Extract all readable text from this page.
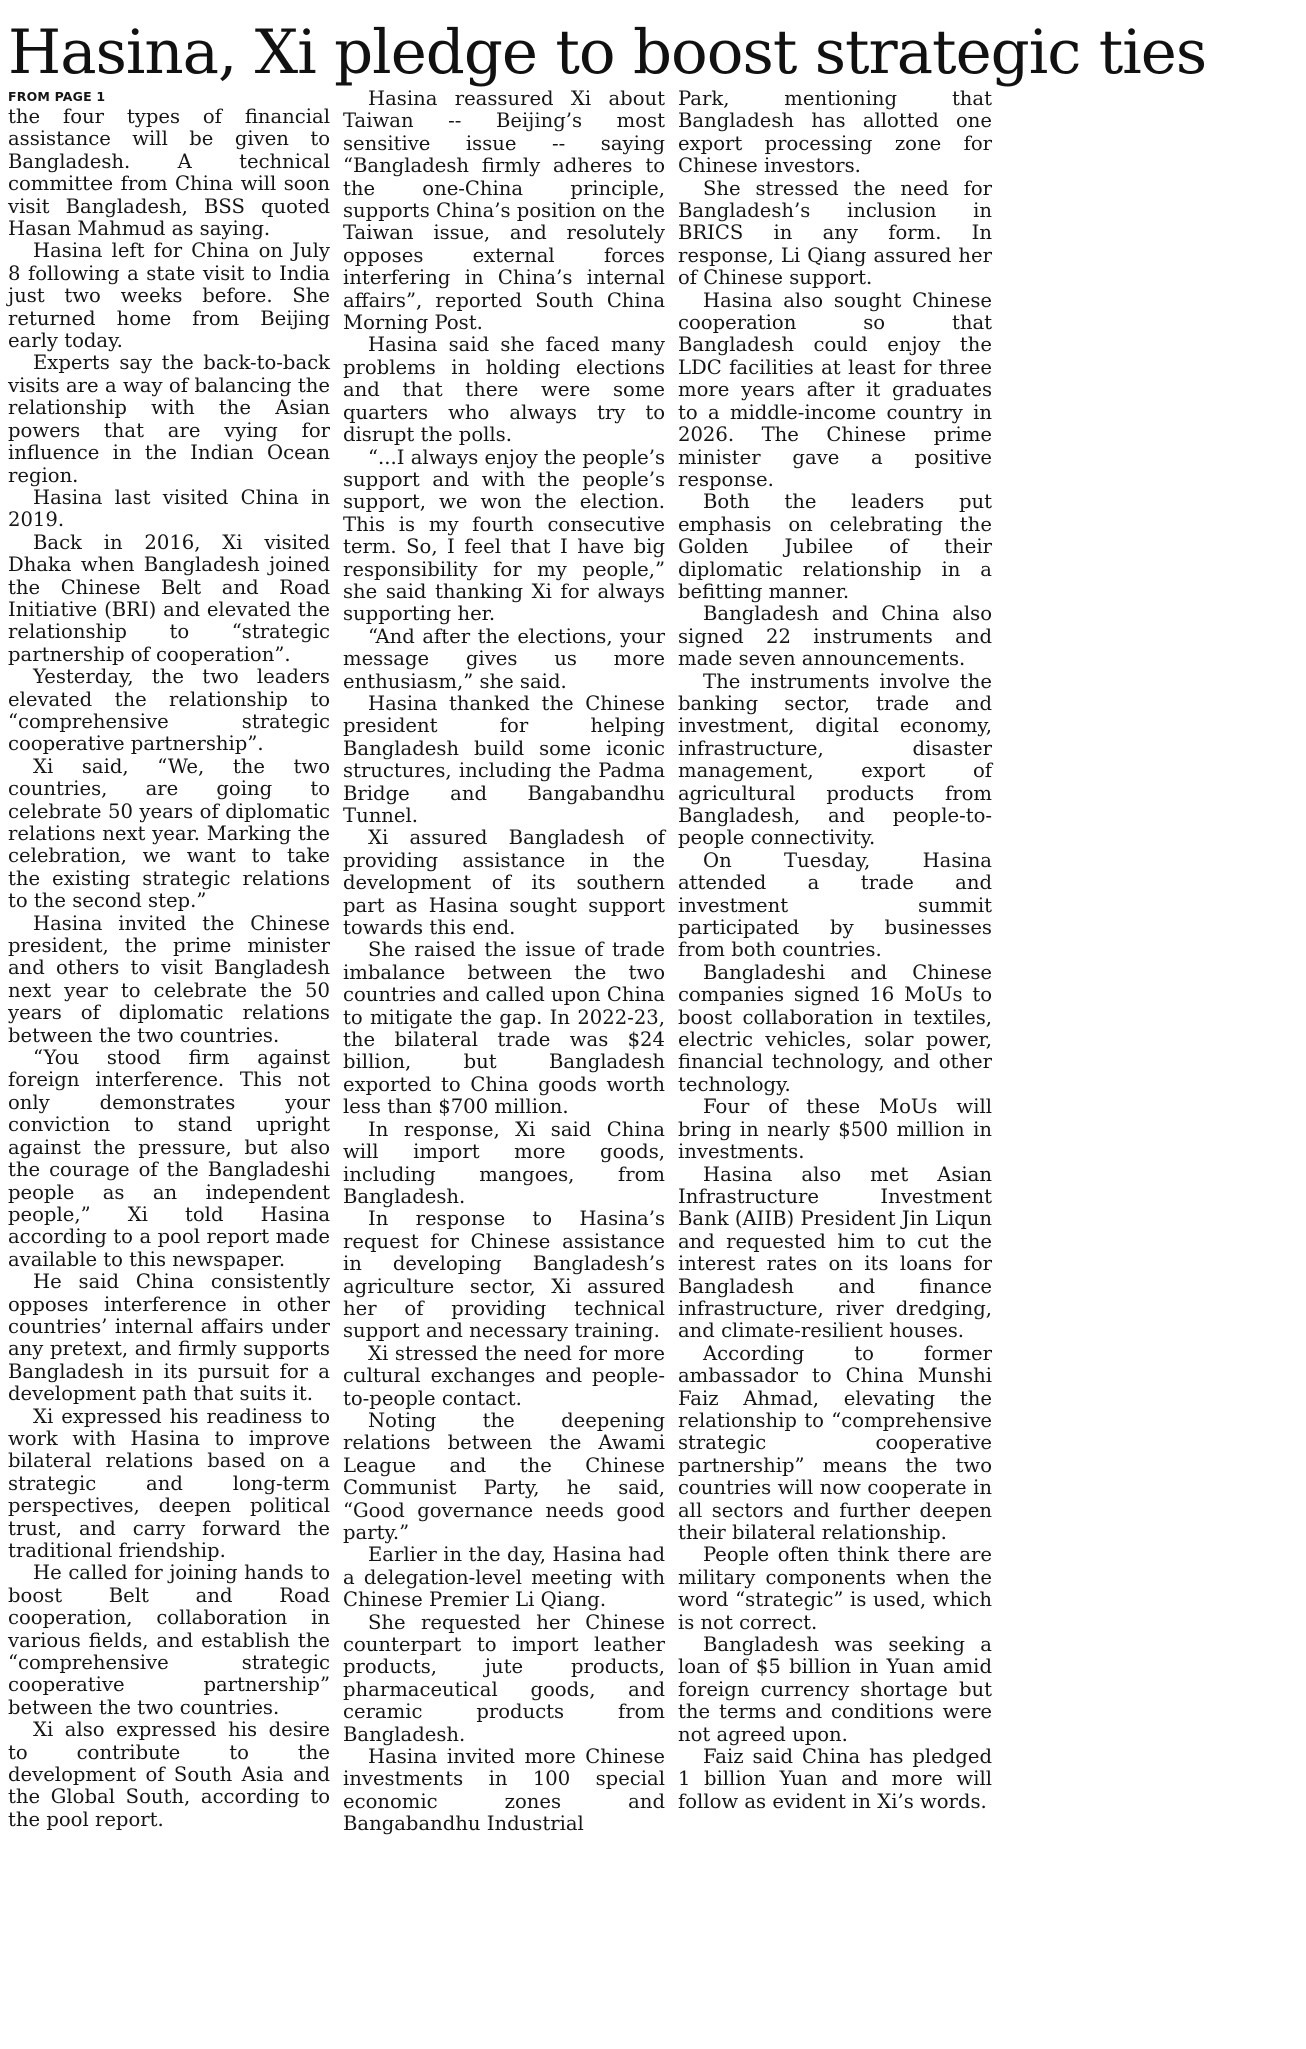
Hasina, Xi pledge to boost strategic ties
FROM PAGE 1

the four types of financial assistance will be given to Bangladesh. A technical committee from China will soon visit Bangladesh, BSS quoted Hasan Mahmud as saying.

Hasina left for China on July 8 following a state visit to India just two weeks before. She returned home from Beijing early today.

Experts say the back-to-back visits are a way of balancing the relationship with the Asian powers that are vying for influence in the Indian Ocean region.

Hasina last visited China in 2019.

Back in 2016, Xi visited Dhaka when Bangladesh joined the Chinese Belt and Road Initiative (BRI) and elevated the relationship to “strategic partnership of cooperation”.

Yesterday, the two leaders elevated the relationship to “comprehensive strategic cooperative partnership”.

Xi said, “We, the two countries, are going to celebrate 50 years of diplomatic relations next year. Marking the celebration, we want to take the existing strategic relations to the second step.”

Hasina invited the Chinese president, the prime minister and others to visit Bangladesh next year to celebrate the 50 years of diplomatic relations between the two countries.

“You stood firm against foreign interference. This not only demonstrates your conviction to stand upright against the pressure, but also the courage of the Bangladeshi people as an independent people,” Xi told Hasina according to a pool report made available to this newspaper.

He said China consistently opposes interference in other countries’ internal affairs under any pretext, and firmly supports Bangladesh in its pursuit for a development path that suits it.

Xi expressed his readiness to work with Hasina to improve bilateral relations based on a strategic and long-term perspectives, deepen political trust, and carry forward the traditional friendship.

He called for joining hands to boost Belt and Road cooperation, collaboration in various fields, and establish the “comprehensive strategic cooperative partnership” between the two countries.

Xi also expressed his desire to contribute to the development of South Asia and the Global South, according to the pool report.

Hasina reassured Xi about Taiwan -- Beijing’s most sensitive issue -- saying “Bangladesh firmly adheres to the one-China principle, supports China’s position on the Taiwan issue, and resolutely opposes external forces interfering in China’s internal affairs”, reported South China Morning Post.

Hasina said she faced many problems in holding elections and that there were some quarters who always try to disrupt the polls.

“...I always enjoy the people’s support and with the people’s support, we won the election. This is my fourth consecutive term. So, I feel that I have big responsibility for my people,” she said thanking Xi for always supporting her.

“And after the elections, your message gives us more enthusiasm,” she said.

Hasina thanked the Chinese president for helping Bangladesh build some iconic structures, including the Padma Bridge and Bangabandhu Tunnel.

Xi assured Bangladesh of providing assistance in the development of its southern part as Hasina sought support towards this end.

She raised the issue of trade imbalance between the two countries and called upon China to mitigate the gap. In 2022-23, the bilateral trade was $24 billion, but Bangladesh exported to China goods worth less than $700 million.

In response, Xi said China will import more goods, including mangoes, from Bangladesh.

In response to Hasina’s request for Chinese assistance in developing Bangladesh’s agriculture sector, Xi assured her of providing technical support and necessary training.

Xi stressed the need for more cultural exchanges and people-to-people contact.

Noting the deepening relations between the Awami League and the Chinese Communist Party, he said, “Good governance needs good party.”

Earlier in the day, Hasina had a delegation-level meeting with Chinese Premier Li Qiang.

She requested her Chinese counterpart to import leather products, jute products, pharmaceutical goods, and ceramic products from Bangladesh.

Hasina invited more Chinese investments in 100 special economic zones and Bangabandhu Industrial

Park, mentioning that Bangladesh has allotted one export processing zone for Chinese investors.

She stressed the need for Bangladesh’s inclusion in BRICS in any form. In response, Li Qiang assured her of Chinese support.

Hasina also sought Chinese cooperation so that Bangladesh could enjoy the LDC facilities at least for three more years after it graduates to a middle-income country in 2026. The Chinese prime minister gave a positive response.

Both the leaders put emphasis on celebrating the Golden Jubilee of their diplomatic relationship in a befitting manner.

Bangladesh and China also signed 22 instruments and made seven announcements.

The instruments involve the banking sector, trade and investment, digital economy, infrastructure, disaster management, export of agricultural products from Bangladesh, and people-to-people connectivity.

On Tuesday, Hasina attended a trade and investment summit participated by businesses from both countries.

Bangladeshi and Chinese companies signed 16 MoUs to boost collaboration in textiles, electric vehicles, solar power, financial technology, and other technology.

Four of these MoUs will bring in nearly $500 million in investments.

Hasina also met Asian Infrastructure Investment Bank (AIIB) President Jin Liqun and requested him to cut the interest rates on its loans for Bangladesh and finance infrastructure, river dredging, and climate-resilient houses.

According to former ambassador to China Munshi Faiz Ahmad, elevating the relationship to “comprehensive strategic cooperative partnership” means the two countries will now cooperate in all sectors and further deepen their bilateral relationship.

People often think there are military components when the word “strategic” is used, which is not correct.

Bangladesh was seeking a loan of $5 billion in Yuan amid foreign currency shortage but the terms and conditions were not agreed upon.

Faiz said China has pledged 1 billion Yuan and more will follow as evident in Xi’s words.
